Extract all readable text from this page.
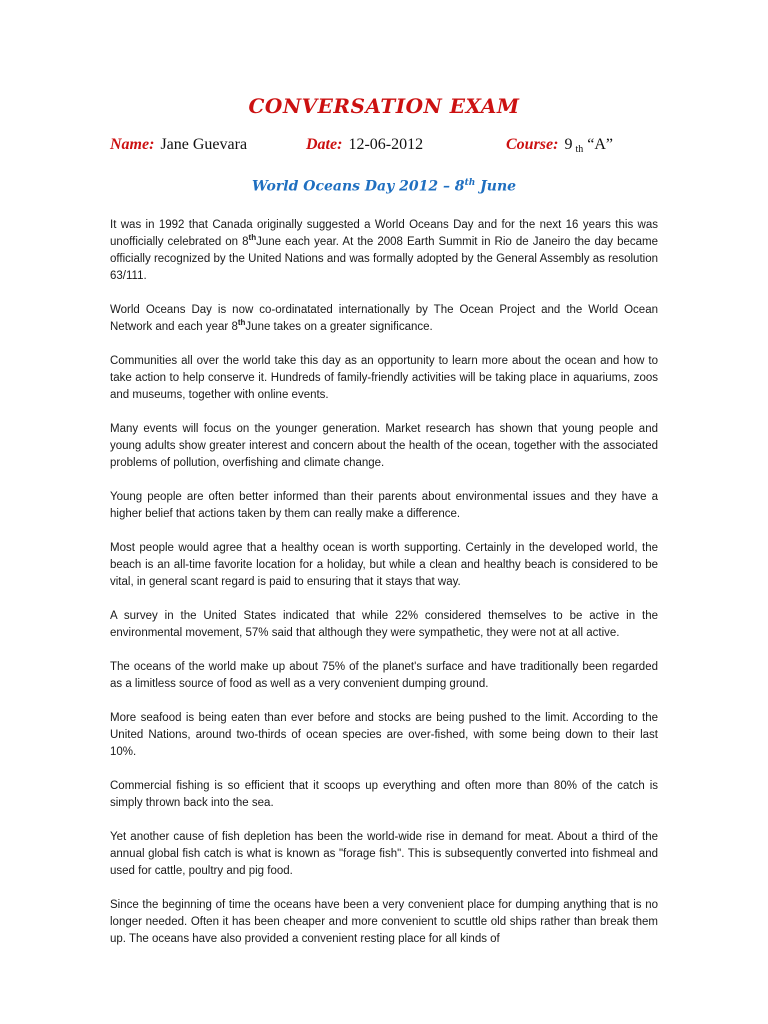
CONVERSATION EXAM
Name: Jane Guevara	Date: 12-06-2012	Course: 9 $_{th}$ “A”
World Oceans Day 2012 – 8th June

It was in 1992 that Canada originally suggested a World Oceans Day and for the next 16 years this was unofficially celebrated on 8thJune each year. At the 2008 Earth Summit in Rio de Janeiro the day became officially recognized by the United Nations and was formally adopted by the General Assembly as resolution 63/111.

World Oceans Day is now co-ordinatated internationally by The Ocean Project and the World Ocean Network and each year 8thJune takes on a greater significance.

Communities all over the world take this day as an opportunity to learn more about the ocean and how to take action to help conserve it. Hundreds of family-friendly activities will be taking place in aquariums, zoos and museums, together with online events.

Many events will focus on the younger generation. Market research has shown that young people and young adults show greater interest and concern about the health of the ocean, together with the associated problems of pollution, overfishing and climate change.

Young people are often better informed than their parents about environmental issues and they have a higher belief that actions taken by them can really make a difference.

Most people would agree that a healthy ocean is worth supporting. Certainly in the developed world, the beach is an all-time favorite location for a holiday, but while a clean and healthy beach is considered to be vital, in general scant regard is paid to ensuring that it stays that way.

A survey in the United States indicated that while 22% considered themselves to be active in the environmental movement, 57% said that although they were sympathetic, they were not at all active.

The oceans of the world make up about 75% of the planet's surface and have traditionally been regarded as a limitless source of food as well as a very convenient dumping ground.

More seafood is being eaten than ever before and stocks are being pushed to the limit. According to the United Nations, around two-thirds of ocean species are over-fished, with some being down to their last 10%.

Commercial fishing is so efficient that it scoops up everything and often more than 80% of the catch is simply thrown back into the sea.

Yet another cause of fish depletion has been the world-wide rise in demand for meat. About a third of the annual global fish catch is what is known as "forage fish". This is subsequently converted into fishmeal and used for cattle, poultry and pig food.

Since the beginning of time the oceans have been a very convenient place for dumping anything that is no longer needed. Often it has been cheaper and more convenient to scuttle old ships rather than break them up. The oceans have also provided a convenient resting place for all kinds of
